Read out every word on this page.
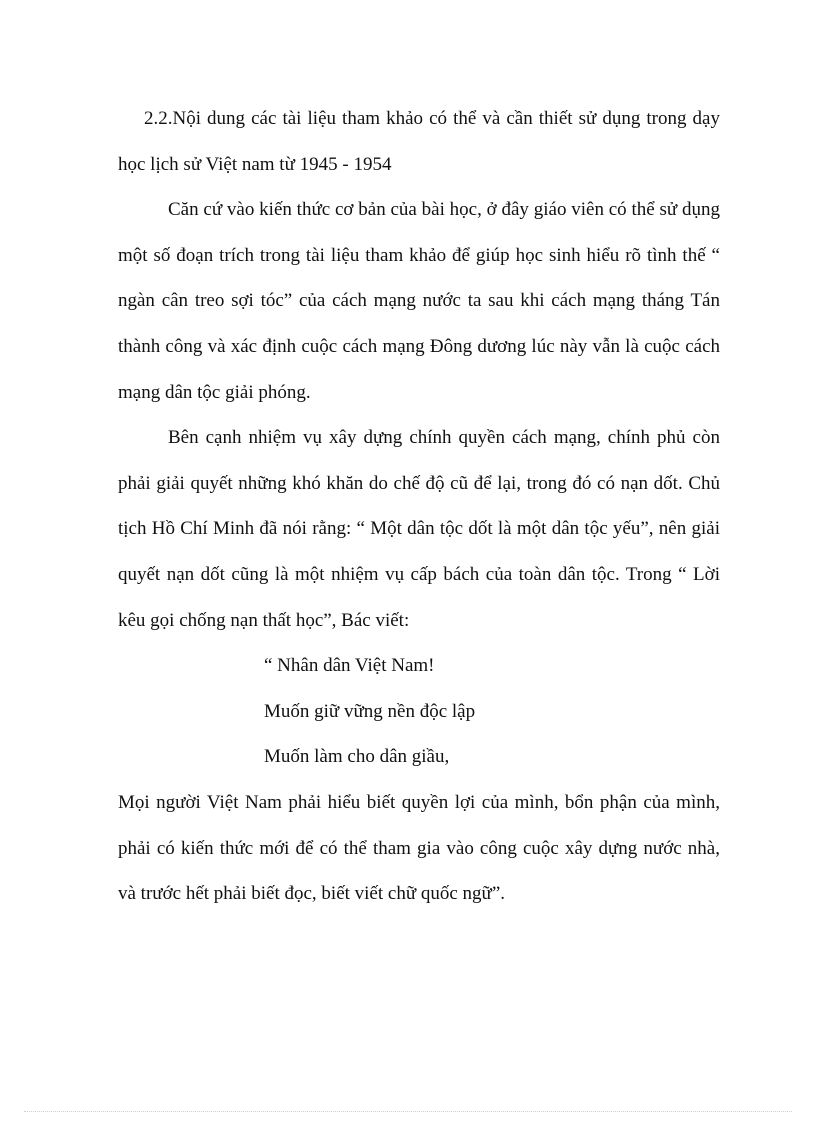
2.2.Nội dung các tài liệu tham khảo có thể và cần thiết sử dụng trong dạy học lịch sử Việt nam từ 1945 - 1954

Căn cứ vào kiến thức cơ bản của bài học, ở đây giáo viên có thể sử dụng một số đoạn trích trong tài liệu tham khảo để giúp học sinh hiểu rõ tình thế “ ngàn cân treo sợi tóc” của cách mạng nước ta sau khi cách mạng tháng Tán thành công và xác định cuộc cách mạng Đông dương lúc này vẫn là cuộc cách mạng dân tộc giải phóng.

Bên cạnh nhiệm vụ xây dựng chính quyền cách mạng, chính phủ còn phải giải quyết những khó khăn do chế độ cũ để lại, trong đó có nạn dốt. Chủ tịch Hồ Chí Minh đã nói rằng: “ Một dân tộc dốt là một dân tộc yếu”, nên giải quyết nạn dốt cũng là một nhiệm vụ cấp bách của toàn dân tộc. Trong “ Lời kêu gọi chống nạn thất học”, Bác viết:

“ Nhân dân Việt Nam!

Muốn giữ vững nền độc lập

Muốn làm cho dân giầu,

Mọi người Việt Nam phải hiểu biết quyền lợi của mình, bổn phận của mình, phải có kiến thức mới để có thể tham gia vào công cuộc xây dựng nước nhà, và trước hết phải biết đọc, biết viết chữ quốc ngữ”.
